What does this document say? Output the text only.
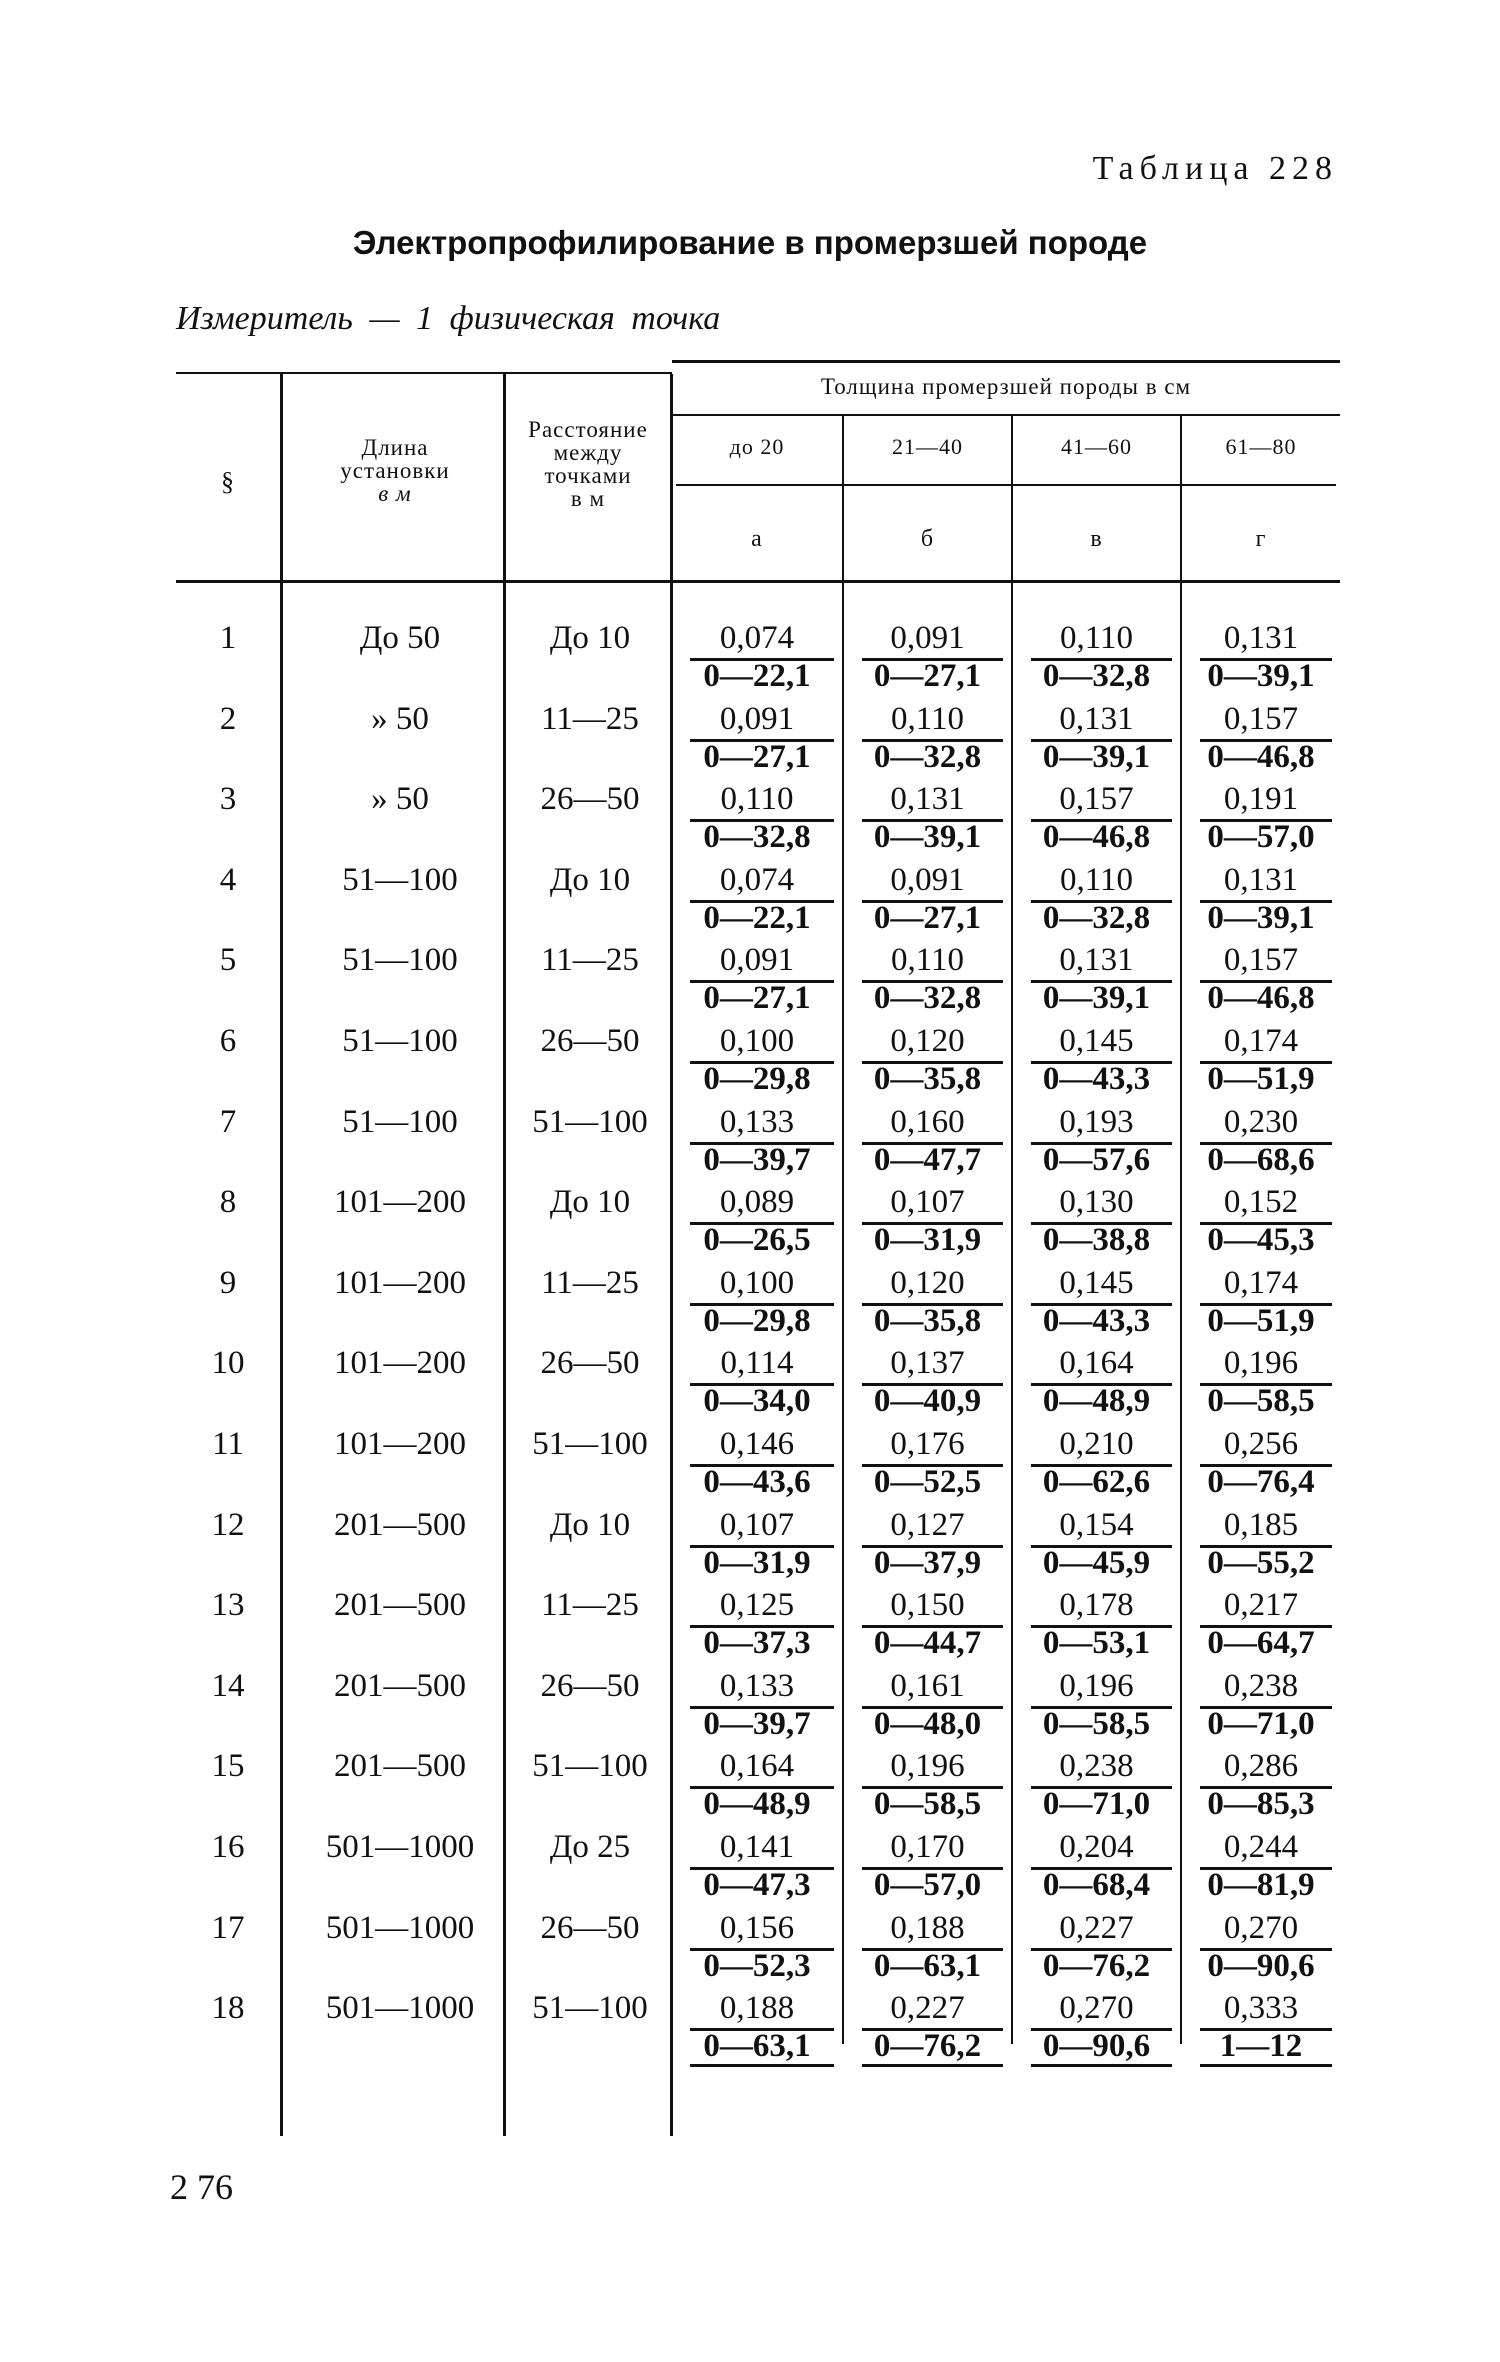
Таблица 228
Электропрофилирование в промерзшей породе
Измеритель — 1 физическая точка
§
Длина
установки
в м
Расстояние
между
точками
в м
Толщина промерзшей породы в см
до 20	21—40	41—60	61—80
а	б	в	г
1	До 50	До 10	0,074	0,091	0,110	0,131
0—22,1	0—27,1	0—32,8	0—39,1
2	» 50	11—25	0,091	0,110	0,131	0,157
0—27,1	0—32,8	0—39,1	0—46,8
3	» 50	26—50	0,110	0,131	0,157	0,191
0—32,8	0—39,1	0—46,8	0—57,0
4	51—100	До 10	0,074	0,091	0,110	0,131
0—22,1	0—27,1	0—32,8	0—39,1
5	51—100	11—25	0,091	0,110	0,131	0,157
0—27,1	0—32,8	0—39,1	0—46,8
6	51—100	26—50	0,100	0,120	0,145	0,174
0—29,8	0—35,8	0—43,3	0—51,9
7	51—100	51—100	0,133	0,160	0,193	0,230
0—39,7	0—47,7	0—57,6	0—68,6
8	101—200	До 10	0,089	0,107	0,130	0,152
0—26,5	0—31,9	0—38,8	0—45,3
9	101—200	11—25	0,100	0,120	0,145	0,174
0—29,8	0—35,8	0—43,3	0—51,9
10	101—200	26—50	0,114	0,137	0,164	0,196
0—34,0	0—40,9	0—48,9	0—58,5
11	101—200	51—100	0,146	0,176	0,210	0,256
0—43,6	0—52,5	0—62,6	0—76,4
12	201—500	До 10	0,107	0,127	0,154	0,185
0—31,9	0—37,9	0—45,9	0—55,2
13	201—500	11—25	0,125	0,150	0,178	0,217
0—37,3	0—44,7	0—53,1	0—64,7
14	201—500	26—50	0,133	0,161	0,196	0,238
0—39,7	0—48,0	0—58,5	0—71,0
15	201—500	51—100	0,164	0,196	0,238	0,286
0—48,9	0—58,5	0—71,0	0—85,3
16	501—1000	До 25	0,141	0,170	0,204	0,244
0—47,3	0—57,0	0—68,4	0—81,9
17	501—1000	26—50	0,156	0,188	0,227	0,270
0—52,3	0—63,1	0—76,2	0—90,6
18	501—1000	51—100	0,188	0,227	0,270	0,333
0—63,1	0—76,2	0—90,6	1—12
2 76
